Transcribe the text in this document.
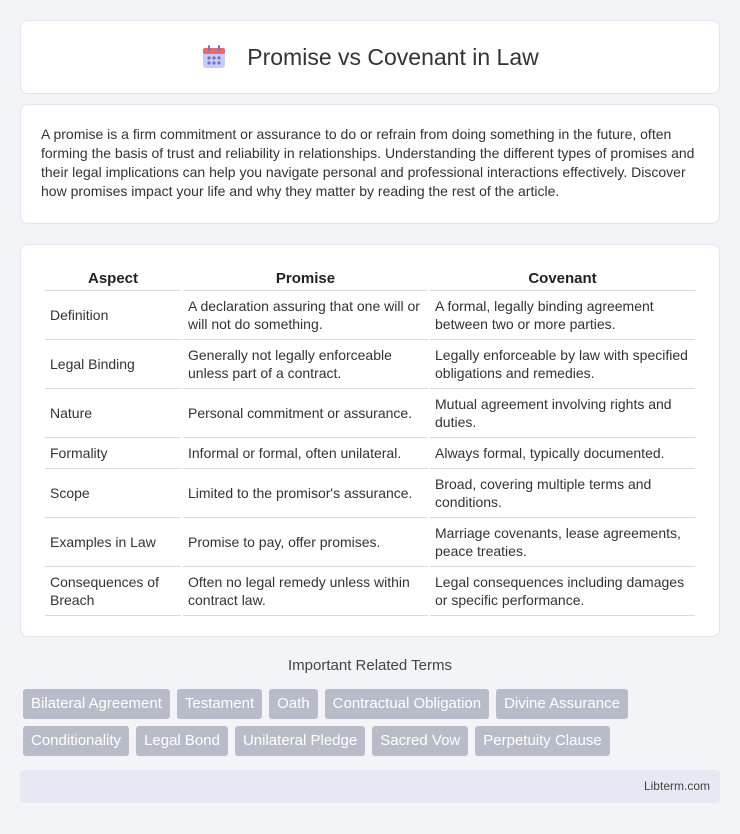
Promise vs Covenant in Law

A promise is a firm commitment or assurance to do or refrain from doing something in the future, often forming the basis of trust and reliability in relationships. Understanding the different types of promises and their legal implications can help you navigate personal and professional interactions effectively. Discover how promises impact your life and why they matter by reading the rest of the article.

Aspect	Promise	Covenant
Definition	A declaration assuring that one will or will not do something.	A formal, legally binding agreement between two or more parties.
Legal Binding	Generally not legally enforceable unless part of a contract.	Legally enforceable by law with specified obligations and remedies.
Nature	Personal commitment or assurance.	Mutual agreement involving rights and duties.
Formality	Informal or formal, often unilateral.	Always formal, typically documented.
Scope	Limited to the promisor's assurance.	Broad, covering multiple terms and conditions.
Examples in Law	Promise to pay, offer promises.	Marriage covenants, lease agreements, peace treaties.
Consequences of Breach	Often no legal remedy unless within contract law.	Legal consequences including damages or specific performance.
Important Related Terms
Bilateral Agreement	Testament	Oath	Contractual Obligation	Divine Assurance
Conditionality	Legal Bond	Unilateral Pledge	Sacred Vow	Perpetuity Clause
Libterm.com
